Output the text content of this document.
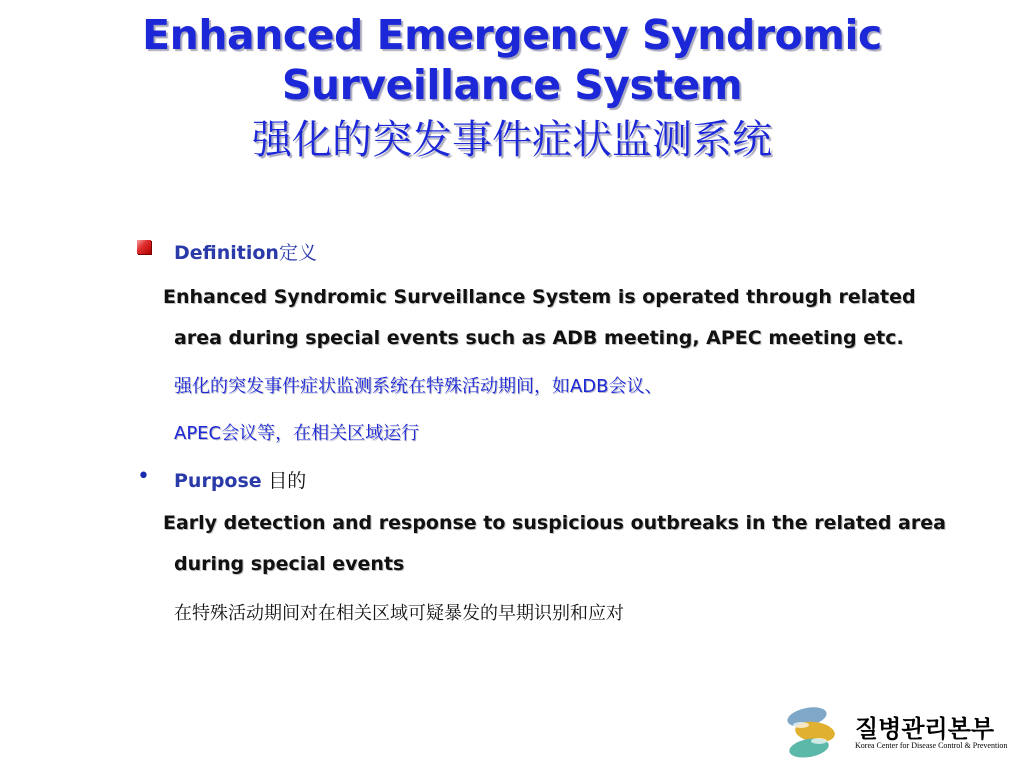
Enhanced Emergency Syndromic
Surveillance System
强化的突发事件症状监测系统
Definition定义
Enhanced Syndromic Surveillance System is operated through related
area during special events such as ADB meeting, APEC meeting etc.
强化的突发事件症状监测系统在特殊活动期间，如ADB会议、
APEC会议等，在相关区域运行
• Purpose 目的
Early detection and response to suspicious outbreaks in the related area
during special events
在特殊活动期间对在相关区域可疑暴发的早期识别和应对
질병관리본부
Korea Center for Disease Control & Prevention
